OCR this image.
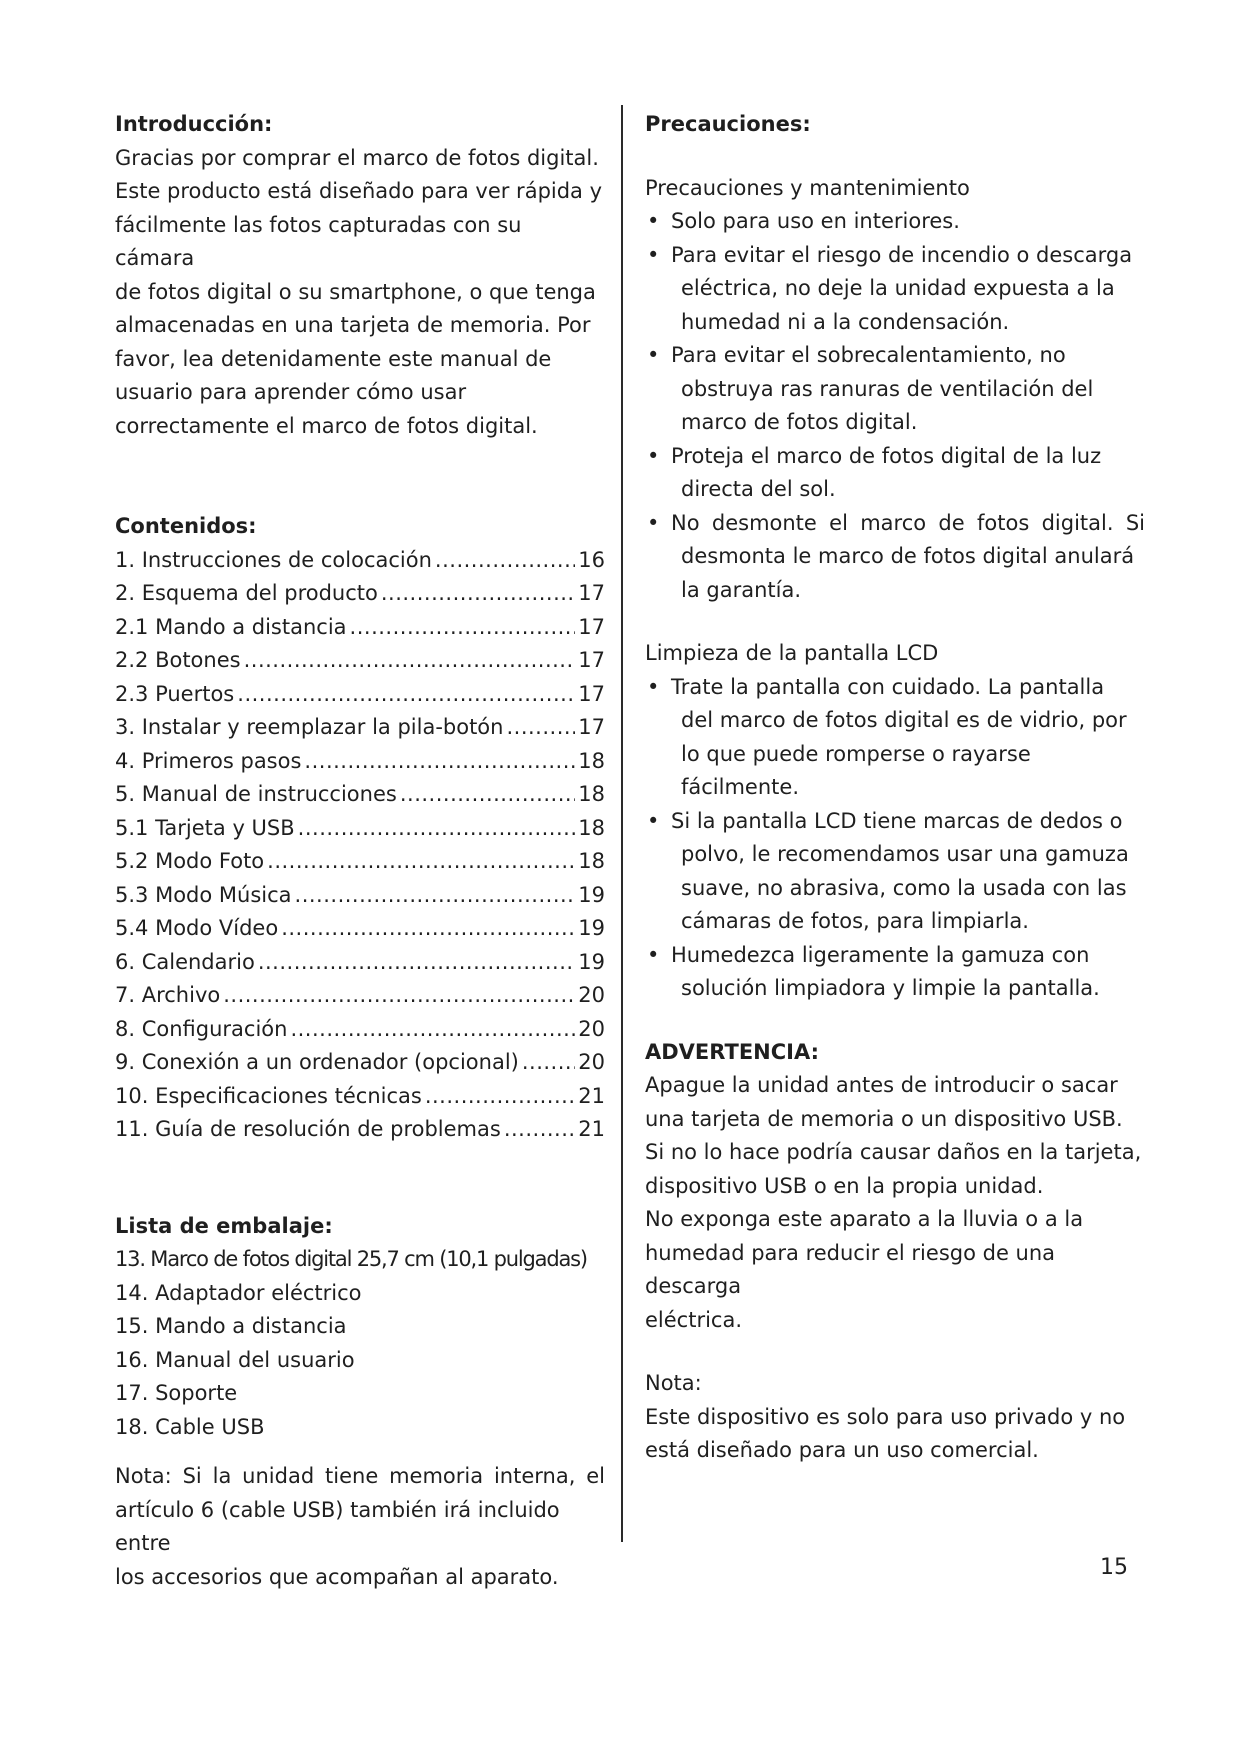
Introducción:

Gracias por comprar el marco de fotos digital.

Este producto está diseñado para ver rápida y

fácilmente las fotos capturadas con su cámara

de fotos digital o su smartphone, o que tenga

almacenadas en una tarjeta de memoria. Por

favor, lea detenidamente este manual de

usuario para aprender cómo usar

correctamente el marco de fotos digital.

Contenidos:

1. Instrucciones de colocación .....	16
2. Esquema del producto .....	17
2.1 Mando a distancia .....	17
2.2 Botones .....	17
2.3 Puertos .....	17
3. Instalar y reemplazar la pila-botón .....	17
4. Primeros pasos .....	18
5. Manual de instrucciones .....	18
5.1 Tarjeta y USB .....	18
5.2 Modo Foto .....	18
5.3 Modo Música .....	19
5.4 Modo Vídeo .....	19
6. Calendario .....	19
7. Archivo .....	20
8. Configuración .....	20
9. Conexión a un ordenador (opcional) .....	20
10. Especificaciones técnicas .....	21
11. Guía de resolución de problemas .....	21

Lista de embalaje:

13. Marco de fotos digital 25,7 cm (10,1 pulgadas)

14. Adaptador eléctrico

15. Mando a distancia

16. Manual del usuario

17. Soporte

18. Cable USB

Nota: Si la unidad tiene memoria interna, el

artículo 6 (cable USB) también irá incluido entre

los accesorios que acompañan al aparato.

Precauciones:

Precauciones y mantenimiento

• Solo para uso en interiores.
• Para evitar el riesgo de incendio o descarga
eléctrica, no deje la unidad expuesta a la
humedad ni a la condensación.
• Para evitar el sobrecalentamiento, no
obstruya ras ranuras de ventilación del
marco de fotos digital.
• Proteja el marco de fotos digital de la luz
directa del sol.
• No desmonte el marco de fotos digital. Si
desmonta le marco de fotos digital anulará
la garantía.

Limpieza de la pantalla LCD

• Trate la pantalla con cuidado. La pantalla
del marco de fotos digital es de vidrio, por
lo que puede romperse o rayarse
fácilmente.
• Si la pantalla LCD tiene marcas de dedos o
polvo, le recomendamos usar una gamuza
suave, no abrasiva, como la usada con las
cámaras de fotos, para limpiarla.
• Humedezca ligeramente la gamuza con
solución limpiadora y limpie la pantalla.

ADVERTENCIA:

Apague la unidad antes de introducir o sacar

una tarjeta de memoria o un dispositivo USB.

Si no lo hace podría causar daños en la tarjeta,

dispositivo USB o en la propia unidad.

No exponga este aparato a la lluvia o a la

humedad para reducir el riesgo de una descarga

eléctrica.

Nota:

Este dispositivo es solo para uso privado y no

está diseñado para un uso comercial.

15
